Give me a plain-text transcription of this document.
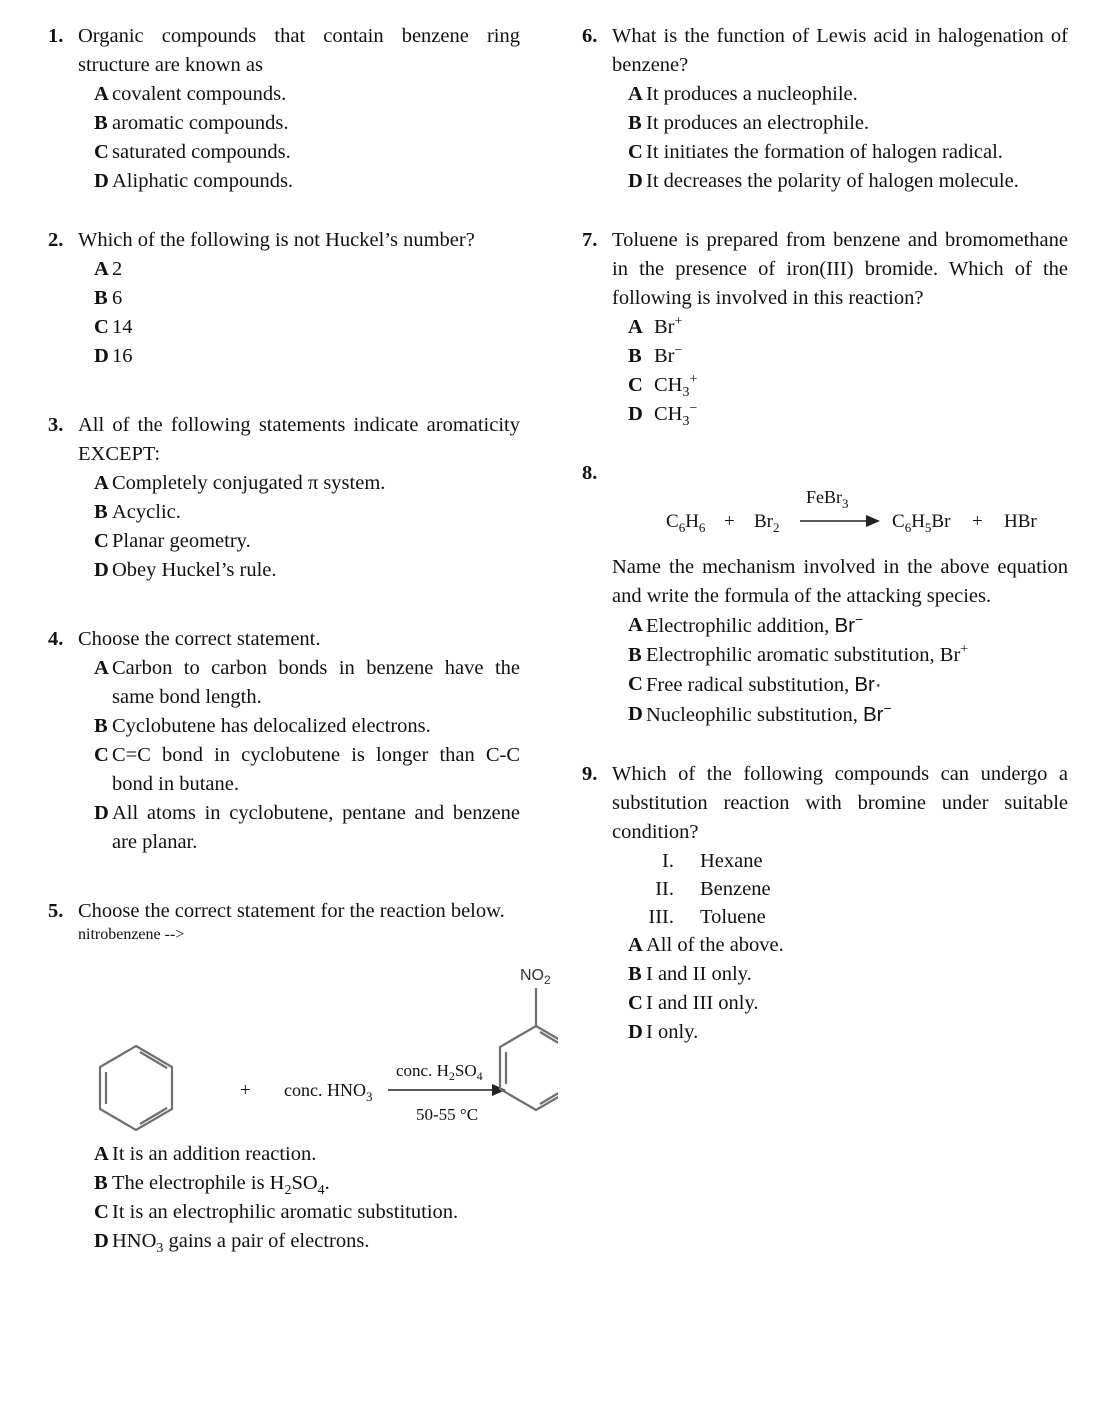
1. Organic compounds that contain benzene ring structure are known as

A covalent compounds.
B aromatic compounds.
C saturated compounds.
D Aliphatic compounds.
2. Which of the following is not Huckel’s number?

A 2
B 6
C 14
D 16
3. All of the following statements indicate aromaticity EXCEPT:

A Completely conjugated π system.
B Acyclic.
C Planar geometry.
D Obey Huckel’s rule.
4. Choose the correct statement.

A Carbon to carbon bonds in benzene have the same bond length.
B Cyclobutene has delocalized electrons.
C C=C bond in cyclobutene is longer than C-C bond in butane.
D All atoms in cyclobutene, pentane and benzene are planar.
5. Choose the correct statement for the reaction below.

nitrobenzene -->
+ conc. $HNO_3$
conc. $H_2SO_4$
50-55 °C
$NO_2$
A It is an addition reaction.
B The electrophile is $H_2SO_4$.
C It is an electrophilic aromatic substitution.
D $HNO_3$ gains a pair of electrons.
6. What is the function of Lewis acid in halogenation of benzene?

A It produces a nucleophile.
B It produces an electrophile.
C It initiates the formation of halogen radical.
D It decreases the polarity of halogen molecule.
7. Toluene is prepared from benzene and bromomethane in the presence of iron(III) bromide. Which of the following is involved in this reaction?

A Br+
B Br−
C $CH_3^+$
D $CH_3^-$
8.
$C_6H_6 + Br_2$
FeBr$_3$
$C_6H_5Br$ + HBr

Name the mechanism involved in the above equation and write the formula of the attacking species.

A Electrophilic addition, Br−
B Electrophilic aromatic substitution, Br+
C Free radical substitution, Br·
D Nucleophilic substitution, Br−
9. Which of the following compounds can undergo a substitution reaction with bromine under suitable condition?

I.	Hexane
II.	Benzene
III.	Toluene
A All of the above.
B I and II only.
C I and III only.
D I only.
